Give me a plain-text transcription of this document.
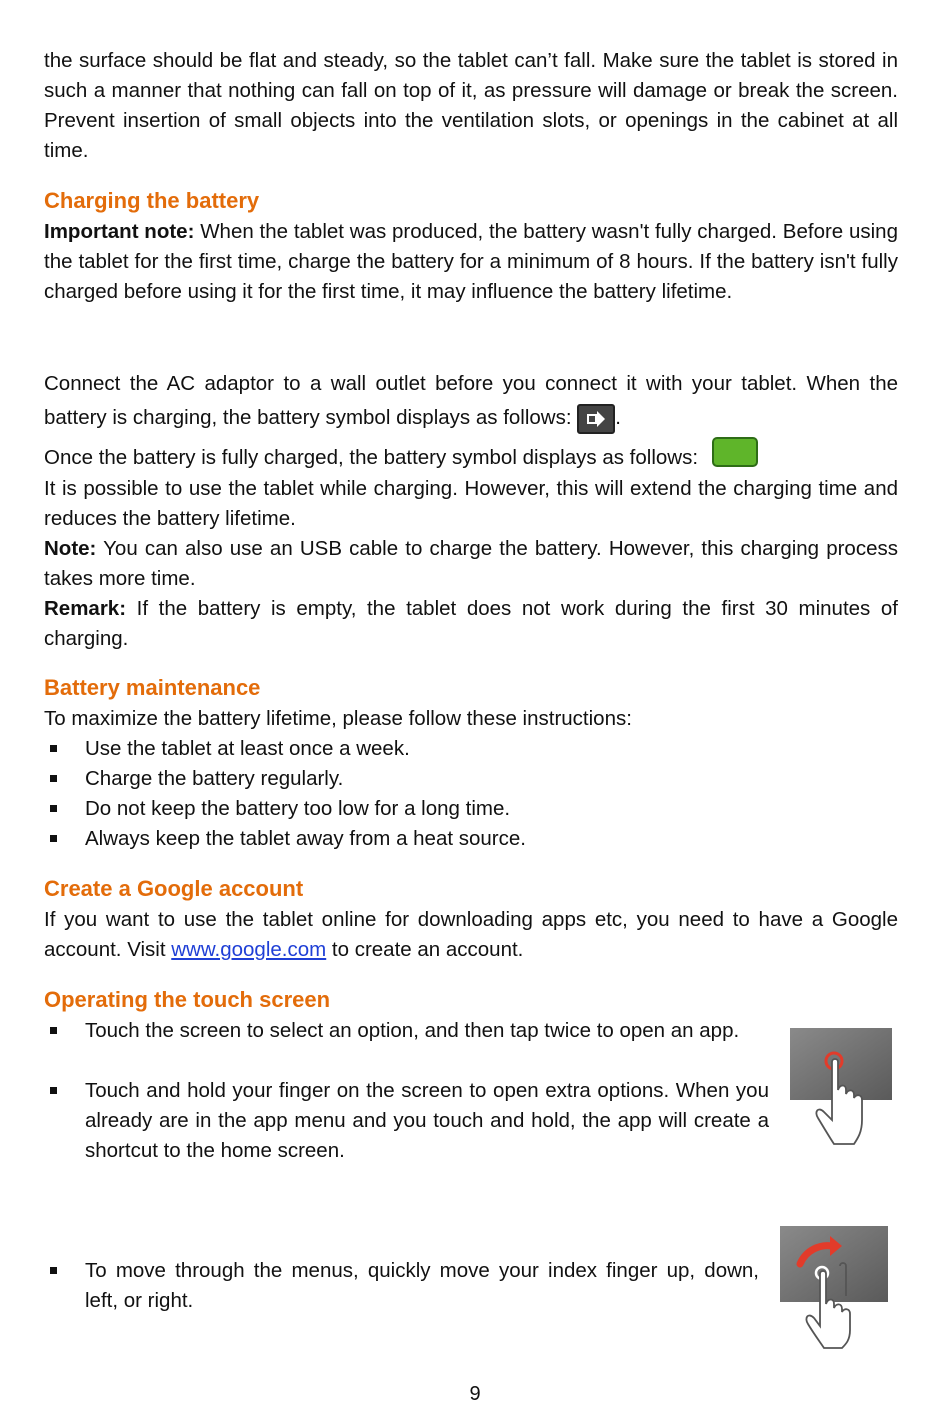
the surface should be flat and steady, so the tablet can’t fall. Make sure the tablet is stored in such a manner that nothing can fall on top of it, as pressure will damage or break the screen. Prevent insertion of small objects into the ventilation slots, or openings in the cabinet at all time.

Charging the battery

Important note: When the tablet was produced, the battery wasn't fully charged. Before using the tablet for the first time, charge the battery for a minimum of 8 hours. If the battery isn't fully charged before using it for the first time, it may influence the battery lifetime.

Connect the AC adaptor to a wall outlet before you connect it with your tablet. When the battery is charging, the battery symbol displays as follows: .

Once the battery is fully charged, the battery symbol displays as follows:

It is possible to use the tablet while charging. However, this will extend the charging time and reduces the battery lifetime.

Note: You can also use an USB cable to charge the battery. However, this charging process takes more time.

Remark: If the battery is empty, the tablet does not work during the first 30 minutes of charging.

Battery maintenance

To maximize the battery lifetime, please follow these instructions:

Use the tablet at least once a week.
Charge the battery regularly.
Do not keep the battery too low for a long time.
Always keep the tablet away from a heat source.
Create a Google account

If you want to use the tablet online for downloading apps etc, you need to have a Google account. Visit www.google.com to create an account.

Operating the touch screen
Touch the screen to select an option, and then tap twice to open an app.
Touch and hold your finger on the screen to open extra options. When you already are in the app menu and you touch and hold, the app will create a shortcut to the home screen.
To move through the menus, quickly move your index finger up, down, left, or right.
9
